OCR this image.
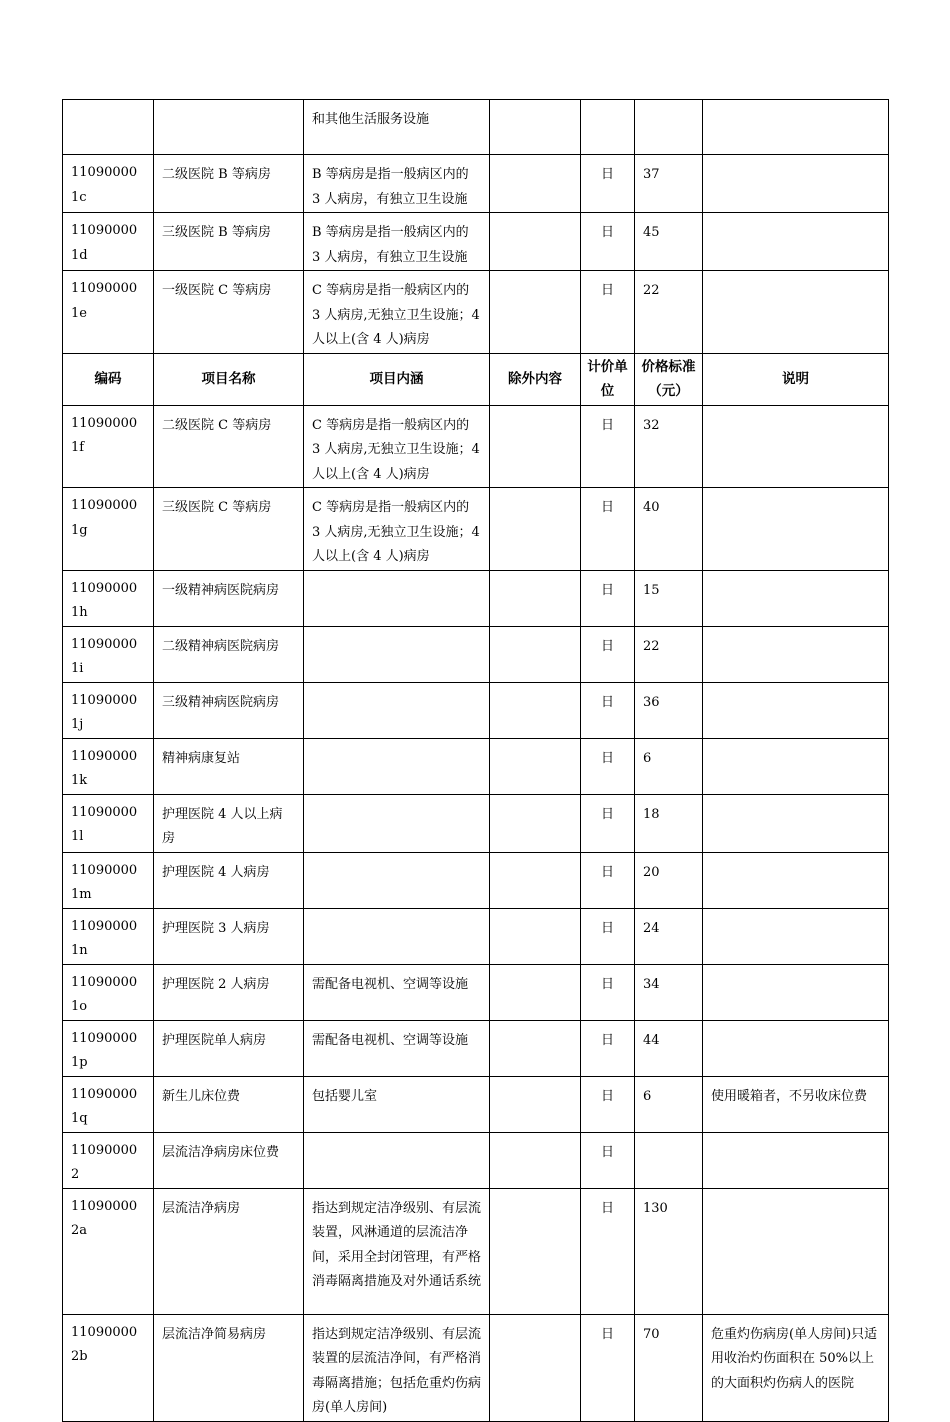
		和其他生活服务设施				
110900001c	二级医院 B 等病房	B 等病房是指一般病区内的 3 人病房，有独立卫生设施		日	37	
110900001d	三级医院 B 等病房	B 等病房是指一般病区内的 3 人病房，有独立卫生设施		日	45	
110900001e	一级医院 C 等病房	C 等病房是指一般病区内的 3 人病房,无独立卫生设施；4 人以上(含 4 人)病房		日	22	
编码	项目名称	项目内涵	除外内容	计价单位	价格标准（元）	说明
110900001f	二级医院 C 等病房	C 等病房是指一般病区内的 3 人病房,无独立卫生设施；4 人以上(含 4 人)病房		日	32	
110900001g	三级医院 C 等病房	C 等病房是指一般病区内的 3 人病房,无独立卫生设施；4 人以上(含 4 人)病房		日	40	
110900001h	一级精神病医院病房			日	15	
110900001i	二级精神病医院病房			日	22	
110900001j	三级精神病医院病房			日	36	
110900001k	精神病康复站			日	6	
110900001l	护理医院 4 人以上病房			日	18	
110900001m	护理医院 4 人病房			日	20	
110900001n	护理医院 3 人病房			日	24	
110900001o	护理医院 2 人病房	需配备电视机、空调等设施		日	34	
110900001p	护理医院单人病房	需配备电视机、空调等设施		日	44	
110900001q	新生儿床位费	包括婴儿室		日	6	使用暖箱者，不另收床位费
110900002	层流洁净病房床位费			日		
110900002a	层流洁净病房	指达到规定洁净级别、有层流装置，风淋通道的层流洁净间，采用全封闭管理，有严格消毒隔离措施及对外通话系统		日	130	
110900002b	层流洁净简易病房	指达到规定洁净级别、有层流装置的层流洁净间，有严格消毒隔离措施；包括危重灼伤病房(单人房间)		日	70	危重灼伤病房(单人房间)只适用收治灼伤面积在 50%以上的大面积灼伤病人的医院
